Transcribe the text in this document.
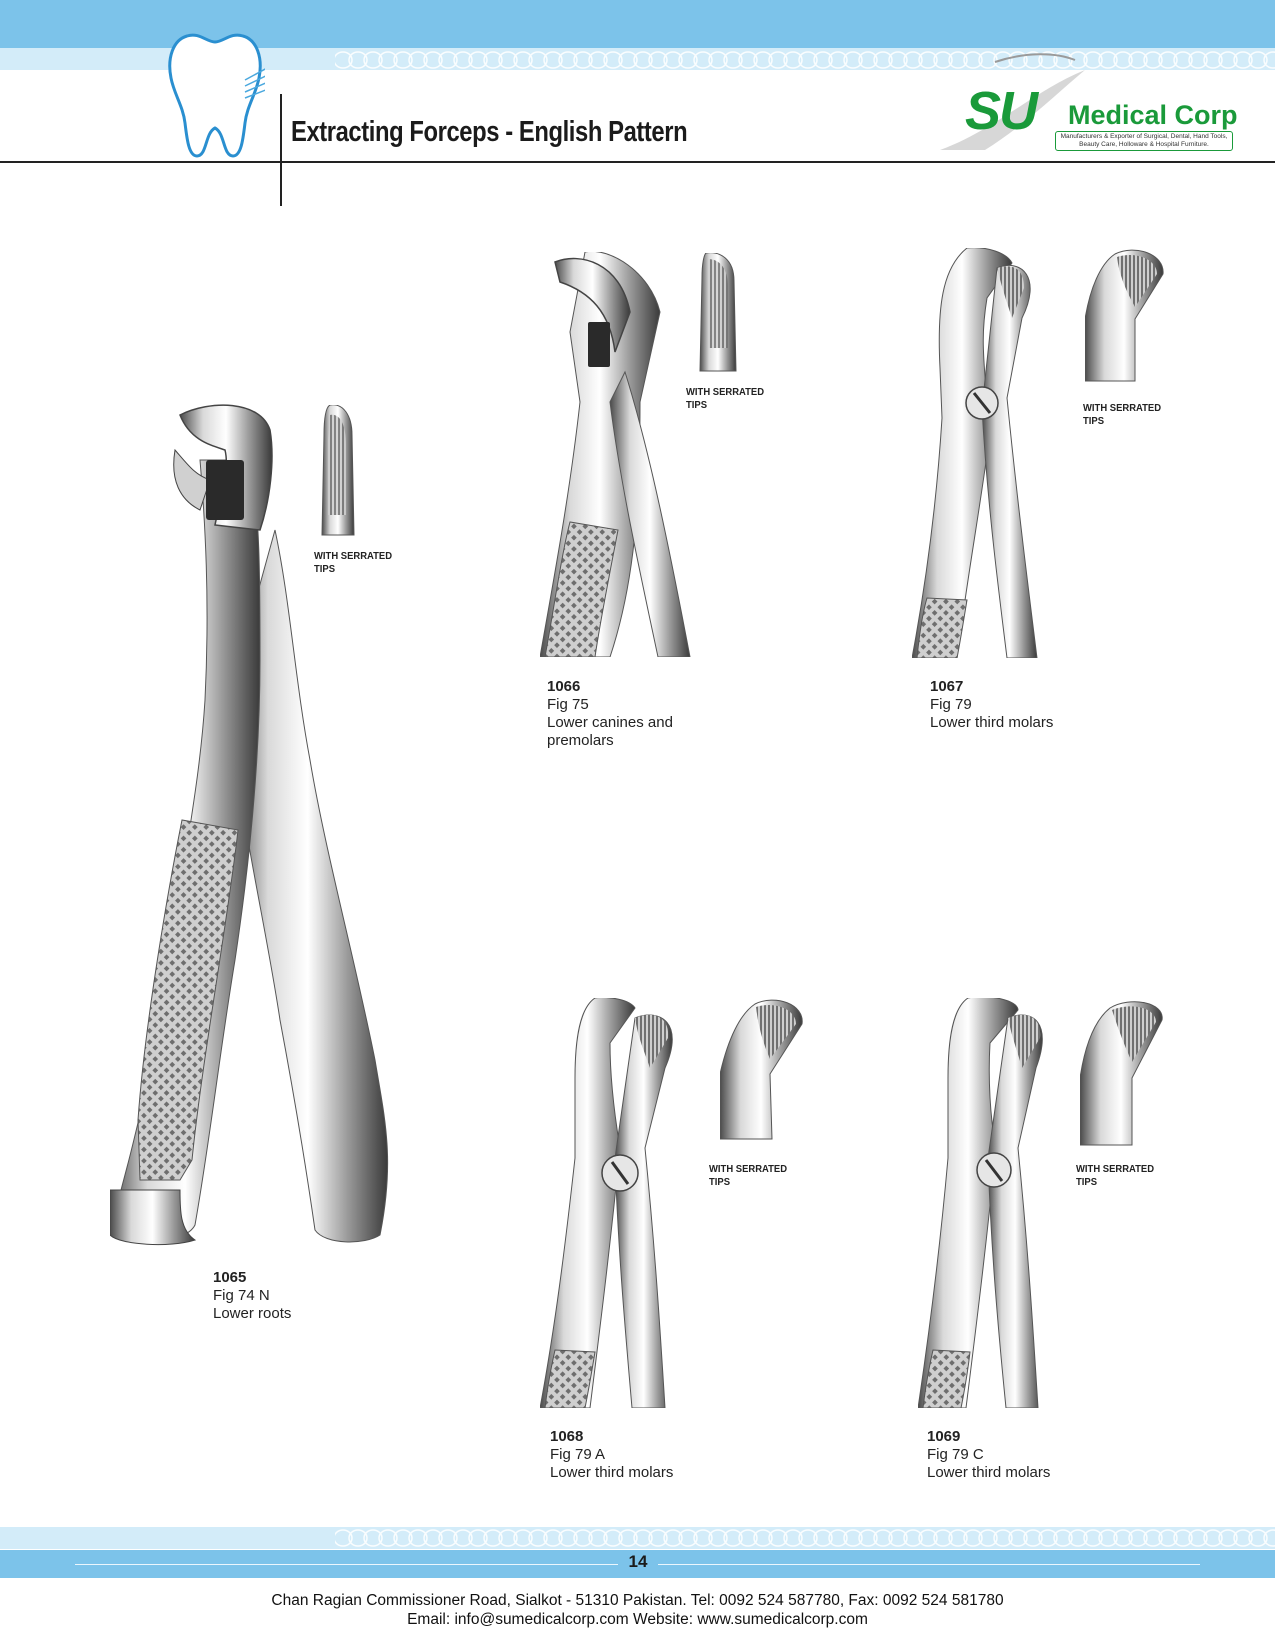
Extracting Forceps - English Pattern	SU Medical Corp
Manufacturers & Exporter of Surgical, Dental, Hand Tools,
Beauty Care, Holloware & Hospital Furniture.
WITH SERRATED
TIPS
WITH SERRATED
TIPS	WITH SERRATED
TIPS
WITH SERRATED
TIPS
WITH SERRATED
TIPS
1065
Fig 74 N
Lower roots
1066
Fig 75
Lower canines and
premolars
1067
Fig 79
Lower third molars
1068
Fig 79 A
Lower third molars
1069
Fig 79 C
Lower third molars
14
Chan Ragian Commissioner Road, Sialkot - 51310 Pakistan. Tel: 0092 524 587780, Fax: 0092 524 581780
Email: info@sumedicalcorp.com Website: www.sumedicalcorp.com
